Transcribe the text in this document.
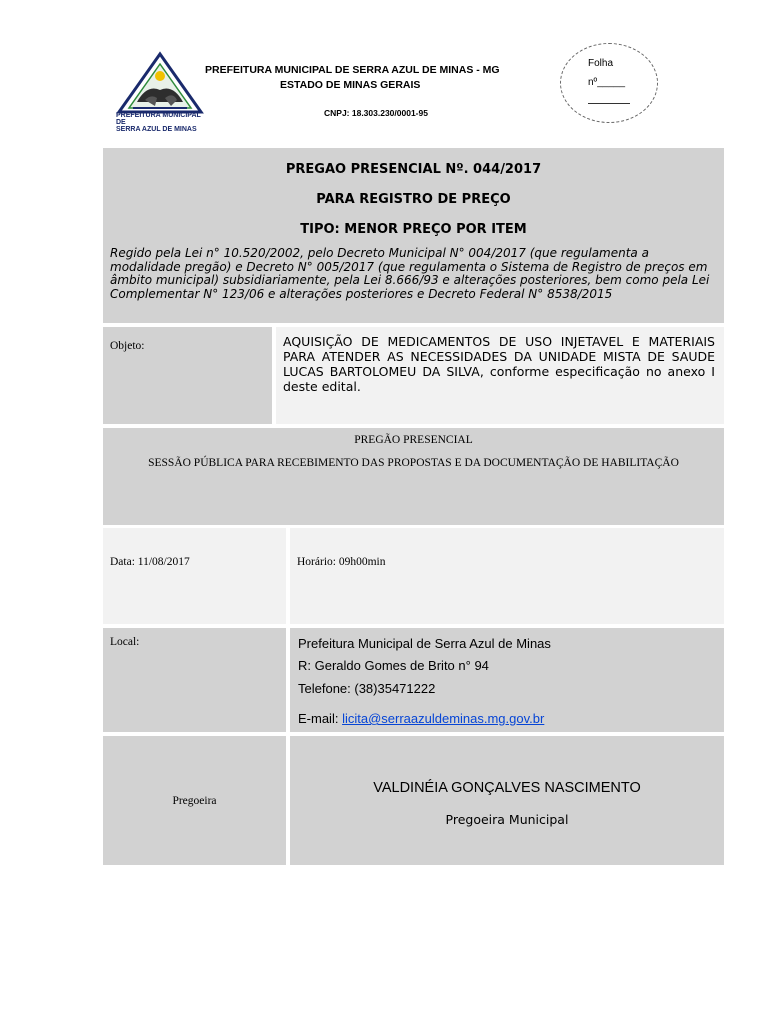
PREFEITURA MUNICIPAL DE
SERRA AZUL DE MINAS
PREFEITURA MUNICIPAL DE SERRA AZUL DE MINAS - MG
ESTADO DE MINAS GERAIS
CNPJ: 18.303.230/0001-95
Folha
nº_____
PREGAO PRESENCIAL Nº. 044/2017
PARA REGISTRO DE PREÇO
TIPO: MENOR PREÇO POR ITEM
Regido pela Lei n° 10.520/2002, pelo Decreto Municipal N° 004/2017 (que regulamenta a modalidade pregão) e Decreto N° 005/2017 (que regulamenta o Sistema de Registro de preços em âmbito municipal) subsidiariamente, pela Lei 8.666/93 e alterações posteriores, bem como pela Lei Complementar N° 123/06 e alterações posteriores e Decreto Federal N° 8538/2015
Objeto:	AQUISIÇÃO DE MEDICAMENTOS DE USO INJETAVEL E MATERIAIS PARA ATENDER AS NECESSIDADES DA UNIDADE MISTA DE SAUDE LUCAS BARTOLOMEU DA SILVA, conforme especificação no anexo I deste edital.
PREGÃO PRESENCIAL
SESSÃO PÚBLICA PARA RECEBIMENTO DAS PROPOSTAS E DA DOCUMENTAÇÃO DE HABILITAÇÃO
Data: 11/08/2017	Horário: 09h00min
Local:	Prefeitura Municipal de Serra Azul de Minas
R: Geraldo Gomes de Brito n° 94
Telefone: (38)35471222
E-mail: licita@serraazuldeminas.mg.gov.br
Pregoeira
VALDINÉIA GONÇALVES NASCIMENTO
Pregoeira Municipal
